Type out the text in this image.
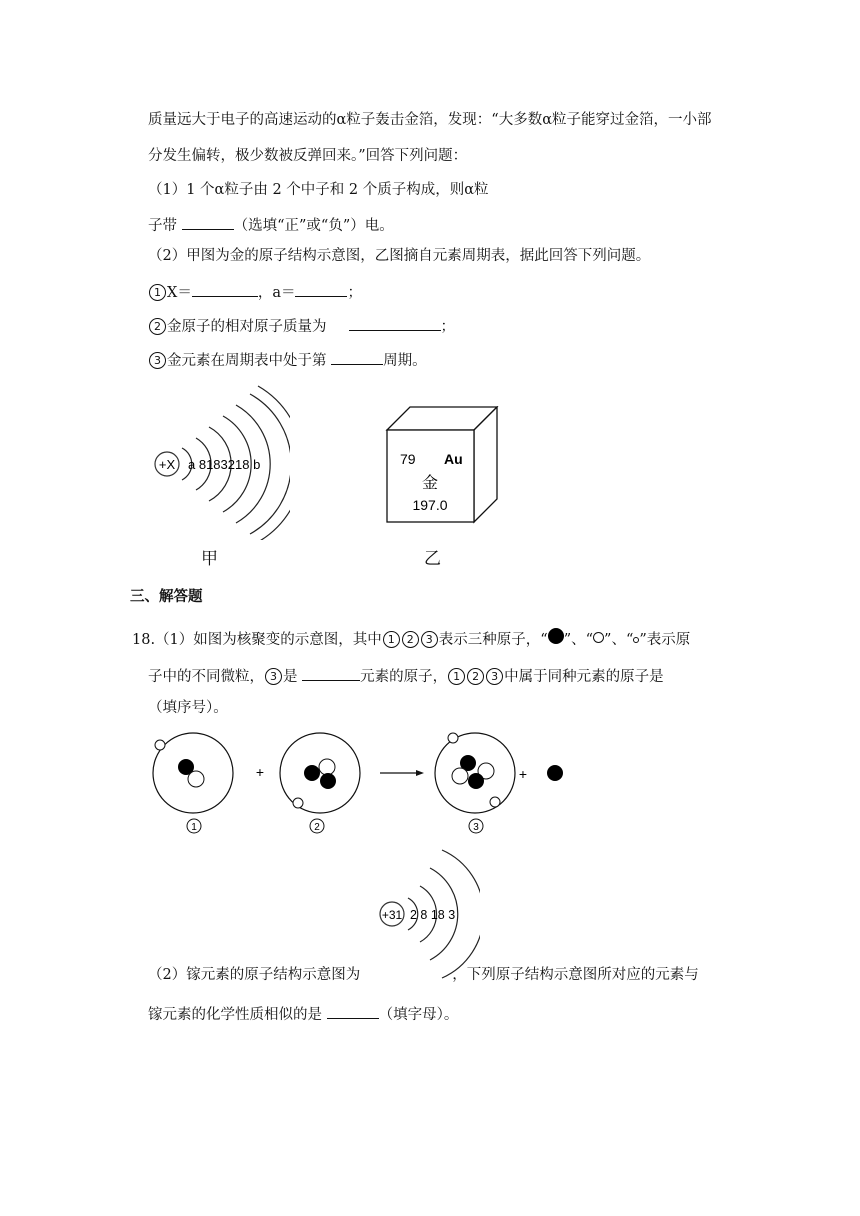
质量远大于电子的高速运动的α粒子轰击金箔，发现：“大多数α粒子能穿过金箔，一小部
分发生偏转，极少数被反弹回来。”回答下列问题：
（1）1 个α粒子由 2 个中子和 2 个质子构成，则α粒
子带	（选填“正”或“负”）电。
（2）甲图为金的原子结构示意图，乙图摘自元素周期表，据此回答下列问题。
1 X＝	，a＝	；
2 金原子的相对原子质量为	；
3 金元素在周期表中处于第	周期。
+X a 8183218 b
甲
79 Au
金
197.0
乙
三、解答题
18.（1）如图为核聚变的示意图，其中 1 2 3 表示三种原子，“ ”、“ ”、“ ”表示原
子中的不同微粒， 3 是	元素的原子， 1 2 3 中属于同种元素的原子是
（填序号）。
+	+
1	2	3
+31 2 8 18 3
（2）镓元素的原子结构示意图为	，下列原子结构示意图所对应的元素与
镓元素的化学性质相似的是	（填字母）。
